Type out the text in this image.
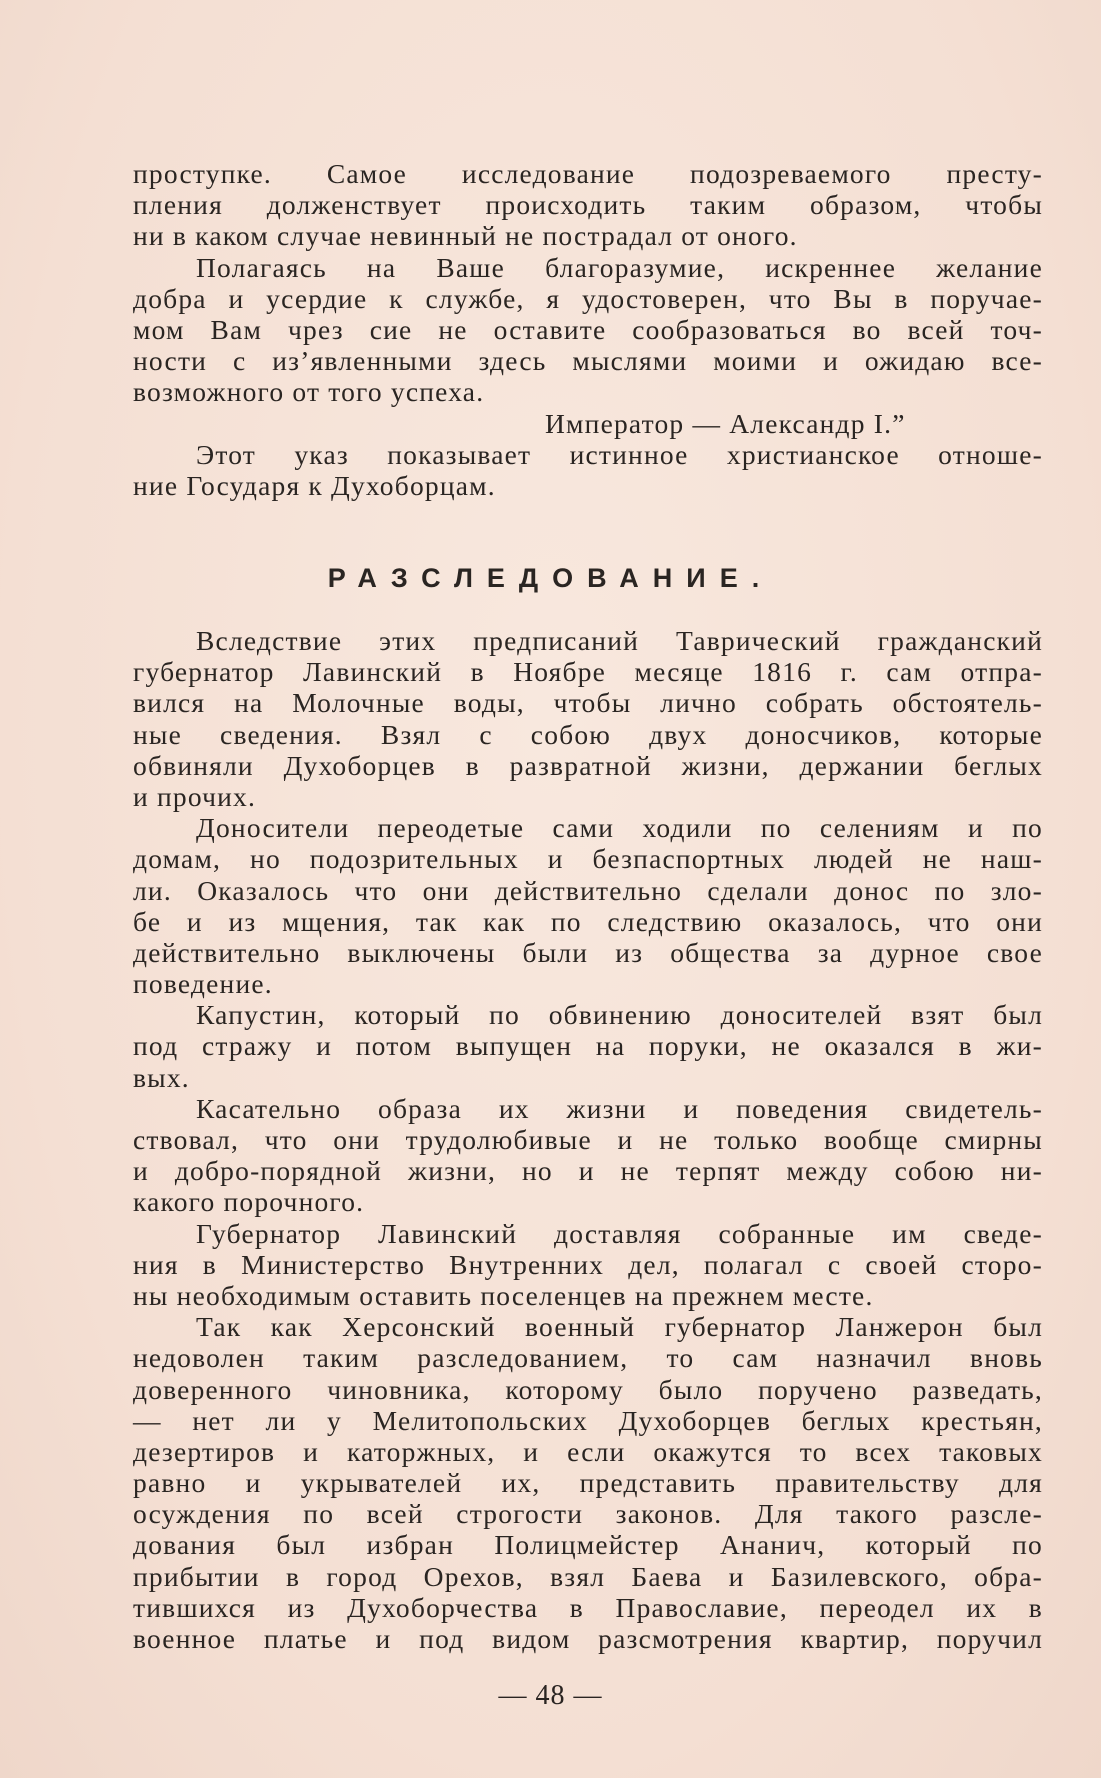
проступке. Самое исследование подозреваемого престу-
пления долженствует происходить таким образом, чтобы
ни в каком случае невинный не пострадал от оного.
Полагаясь на Ваше благоразумие, искреннее желание
добра и усердие к службе, я удостоверен, что Вы в поручае-
мом Вам чрез сие не оставите сообразоваться во всей точ-
ности с из’явленными здесь мыслями моими и ожидаю все-
возможного от того успеха.
Император — Александр I.”
Этот указ показывает истинное христианское отноше-
ние Государя к Духоборцам.
РАЗСЛЕДОВАНИЕ.
Вследствие этих предписаний Таврический гражданский
губернатор Лавинский в Ноябре месяце 1816 г. сам отпра-
вился на Молочные воды, чтобы лично собрать обстоятель-
ные сведения. Взял с собою двух доносчиков, которые
обвиняли Духоборцев в развратной жизни, держании беглых
и прочих.
Доносители переодетые сами ходили по селениям и по
домам, но подозрительных и безпаспортных людей не наш-
ли. Оказалось что они действительно сделали донос по зло-
бе и из мщения, так как по следствию оказалось, что они
действительно выключены были из общества за дурное свое
поведение.
Капустин, который по обвинению доносителей взят был
под стражу и потом выпущен на поруки, не оказался в жи-
вых.
Касательно образа их жизни и поведения свидетель-
ствовал, что они трудолюбивые и не только вообще смирны
и добро-порядной жизни, но и не терпят между собою ни-
какого порочного.
Губернатор Лавинский доставляя собранные им сведе-
ния в Министерство Внутренних дел, полагал с своей сторо-
ны необходимым оставить поселенцев на прежнем месте.
Так как Херсонский военный губернатор Ланжерон был
недоволен таким разследованием, то сам назначил вновь
доверенного чиновника, которому было поручено разведать,
— нет ли у Мелитопольских Духоборцев беглых крестьян,
дезертиров и каторжных, и если окажутся то всех таковых
равно и укрывателей их, представить правительству для
осуждения по всей строгости законов. Для такого разсле-
дования был избран Полицмейстер Ананич, который по
прибытии в город Орехов, взял Баева и Базилевского, обра-
тившихся из Духоборчества в Православие, переодел их в
военное платье и под видом разсмотрения квартир, поручил
— 48 —
